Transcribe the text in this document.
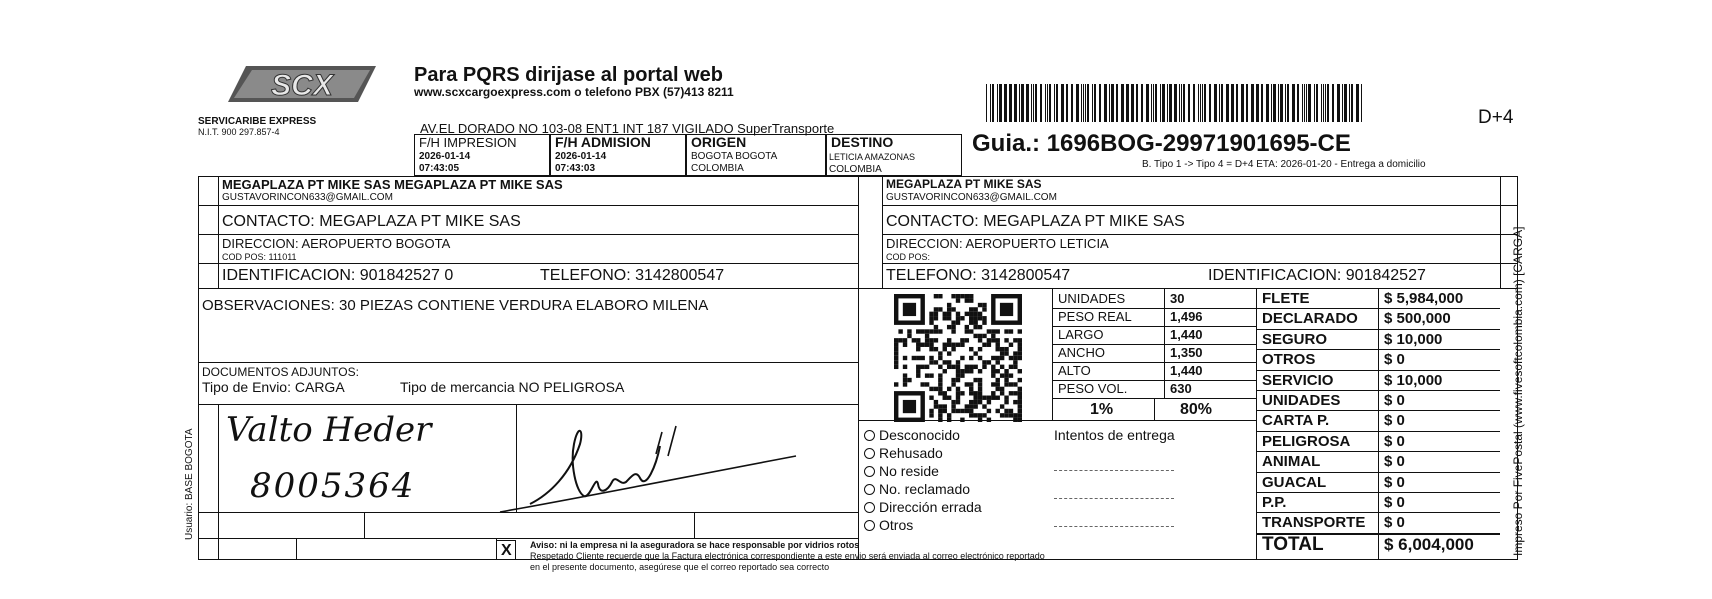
SCX
SERVICARIBE EXPRESS
N.I.T. 900 297.857-4
Para PQRS dirijase al portal web
www.scxcargoexpress.com o telefono PBX (57)413 8211
AV.EL DORADO NO 103-08 ENT1 INT 187 VIGILADO SuperTransporte
D+4
Guia.: 1696BOG-29971901695-CE
B. Tipo 1 -> Tipo 4 = D+4 ETA: 2026-01-20 - Entrega a domicilio
F/H IMPRESION
2026-01-14
07:43:05
F/H ADMISION
2026-01-14
07:43:03
ORIGEN
BOGOTA BOGOTA
COLOMBIA
DESTINO
LETICIA AMAZONAS
COLOMBIA
MEGAPLAZA PT MIKE SAS MEGAPLAZA PT MIKE SAS
GUSTAVORINCON633@GMAIL.COM
CONTACTO: MEGAPLAZA PT MIKE SAS
DIRECCION: AEROPUERTO BOGOTA
COD POS: 111011
IDENTIFICACION: 901842527 0	TELEFONO: 3142800547
MEGAPLAZA PT MIKE SAS
GUSTAVORINCON633@GMAIL.COM
CONTACTO: MEGAPLAZA PT MIKE SAS
DIRECCION: AEROPUERTO LETICIA
COD POS:
TELEFONO: 3142800547	IDENTIFICACION: 901842527
OBSERVACIONES: 30 PIEZAS CONTIENE VERDURA ELABORO MILENA
DOCUMENTOS ADJUNTOS:
Tipo de Envio: CARGA	Tipo de mercancia NO PELIGROSA
UNIDADES	30
PESO REAL	1,496
LARGO	1,440
ANCHO	1,350
ALTO	1,440
PESO VOL.	630
1%	80%
FLETE	$ 5,984,000
DECLARADO $ 500,000
SEGURO	$ 10,000
OTROS	$ 0
SERVICIO	$ 10,000
UNIDADES	$ 0
CARTA P.	$ 0
PELIGROSA $ 0
ANIMAL	$ 0
GUACAL	$ 0
P.P.	$ 0
TRANSPORTE $ 0
TOTAL	$ 6,004,000
Desconocido
Rehusado
No reside
No. reclamado
Dirección errada
Otros
Intentos de entrega
Valto Heder
8005364
X Aviso: ni la empresa ni la aseguradora se hace responsable por vidrios rotos
Respetado Cliente recuerde que la Factura electrónica correspondiente a este envio será enviada al correo electrónico reportado
en el presente documento, asegúrese que el correo reportado sea correcto
Usuario: BASE BOGOTA	Impreso Por FivePostal (www.fivesoftcolombia.com) [CARGA]
